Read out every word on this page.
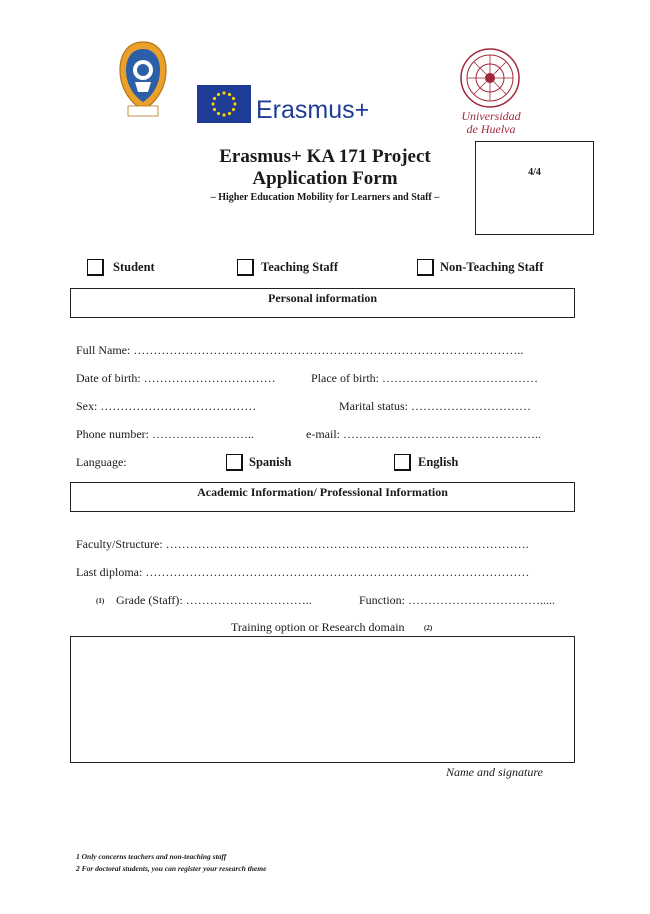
Erasmus+	Universidad
de Huelva
Erasmus+ KA 171 Project
Application Form
– Higher Education Mobility for Learners and Staff –
4/4
Student	Teaching Staff	Non-Teaching Staff
Personal information
Full Name: ……………………………………………………………………………………..
Date of birth: ……………………………	Place of birth: …………………………………
Sex: …………………………………	Marital status: …………………………
Phone number: ……………………..	e-mail: …………………………………………..
Language:	Spanish	English
Academic Information/ Professional Information
Faculty/Structure: ……………………………………………………………………………….
Last diploma: ……………………………………………………………………………………
(1) Grade (Staff): …………………………..	Function: …………………………….....
Training option or Research domain	(2)
Name and signature
1 Only concerns teachers and non-teaching staff
2 For doctoral students, you can register your research theme
